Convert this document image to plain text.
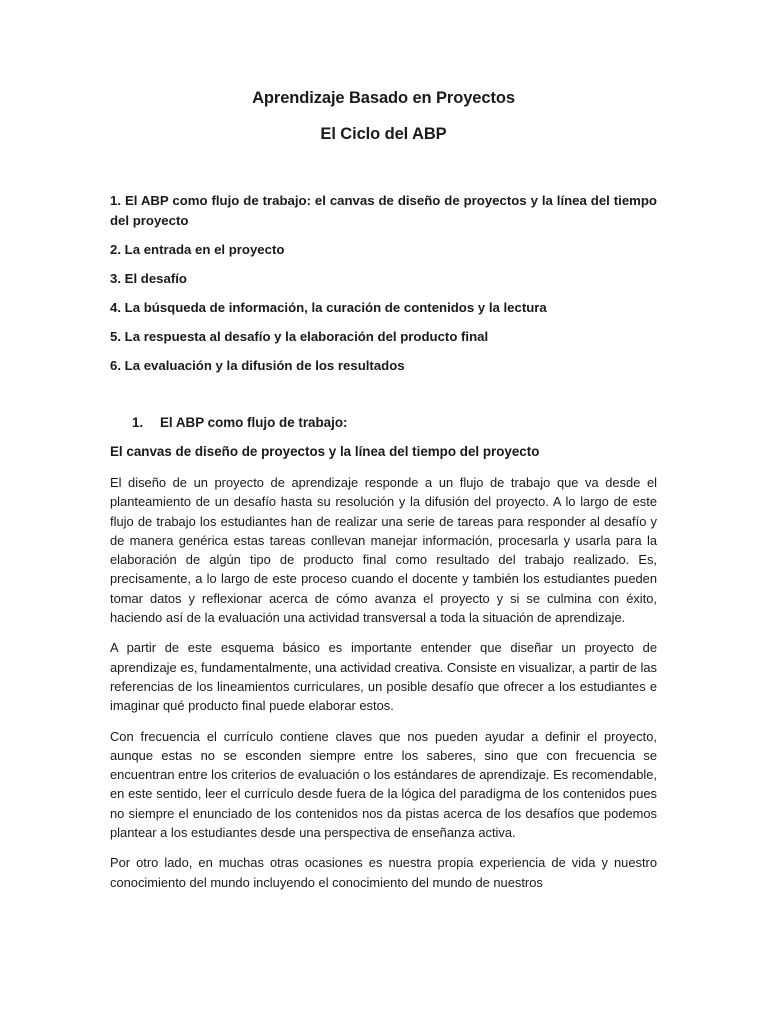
Aprendizaje Basado en Proyectos
El Ciclo del ABP

1. El ABP como flujo de trabajo: el canvas de diseño de proyectos y la línea del tiempo del proyecto

2. La entrada en el proyecto

3. El desafío

4. La búsqueda de información, la curación de contenidos y la lectura

5. La respuesta al desafío y la elaboración del producto final

6. La evaluación y la difusión de los resultados

1. El ABP como flujo de trabajo:
El canvas de diseño de proyectos y la línea del tiempo del proyecto

El diseño de un proyecto de aprendizaje responde a un flujo de trabajo que va desde el planteamiento de un desafío hasta su resolución y la difusión del proyecto. A lo largo de este flujo de trabajo los estudiantes han de realizar una serie de tareas para responder al desafío y de manera genérica estas tareas conllevan manejar información, procesarla y usarla para la elaboración de algún tipo de producto final como resultado del trabajo realizado. Es, precisamente, a lo largo de este proceso cuando el docente y también los estudiantes pueden tomar datos y reflexionar acerca de cómo avanza el proyecto y si se culmina con éxito, haciendo así de la evaluación una actividad transversal a toda la situación de aprendizaje.

A partir de este esquema básico es importante entender que diseñar un proyecto de aprendizaje es, fundamentalmente, una actividad creativa. Consiste en visualizar, a partir de las referencias de los lineamientos curriculares, un posible desafío que ofrecer a los estudiantes e imaginar qué producto final puede elaborar estos.

Con frecuencia el currículo contiene claves que nos pueden ayudar a definir el proyecto, aunque estas no se esconden siempre entre los saberes, sino que con frecuencia se encuentran entre los criterios de evaluación o los estándares de aprendizaje. Es recomendable, en este sentido, leer el currículo desde fuera de la lógica del paradigma de los contenidos pues no siempre el enunciado de los contenidos nos da pistas acerca de los desafíos que podemos plantear a los estudiantes desde una perspectiva de enseñanza activa.

Por otro lado, en muchas otras ocasiones es nuestra propia experiencia de vida y nuestro conocimiento del mundo incluyendo el conocimiento del mundo de nuestros
